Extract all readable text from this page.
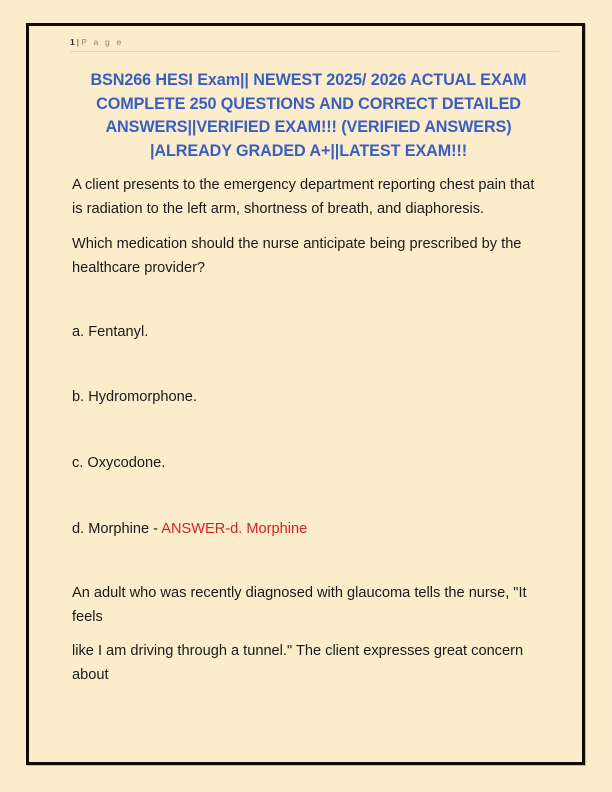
1 | P a g e
BSN266 HESI Exam|| NEWEST 2025/ 2026 ACTUAL EXAM COMPLETE 250 QUESTIONS AND CORRECT DETAILED ANSWERS||VERIFIED EXAM!!! (VERIFIED ANSWERS) |ALREADY GRADED A+||LATEST EXAM!!!

A client presents to the emergency department reporting chest pain that is radiation to the left arm, shortness of breath, and diaphoresis.

Which medication should the nurse anticipate being prescribed by the healthcare provider?

a. Fentanyl.

b. Hydromorphone.

c. Oxycodone.

d. Morphine - ANSWER-d. Morphine

An adult who was recently diagnosed with glaucoma tells the nurse, "It feels

like I am driving through a tunnel." The client expresses great concern about
